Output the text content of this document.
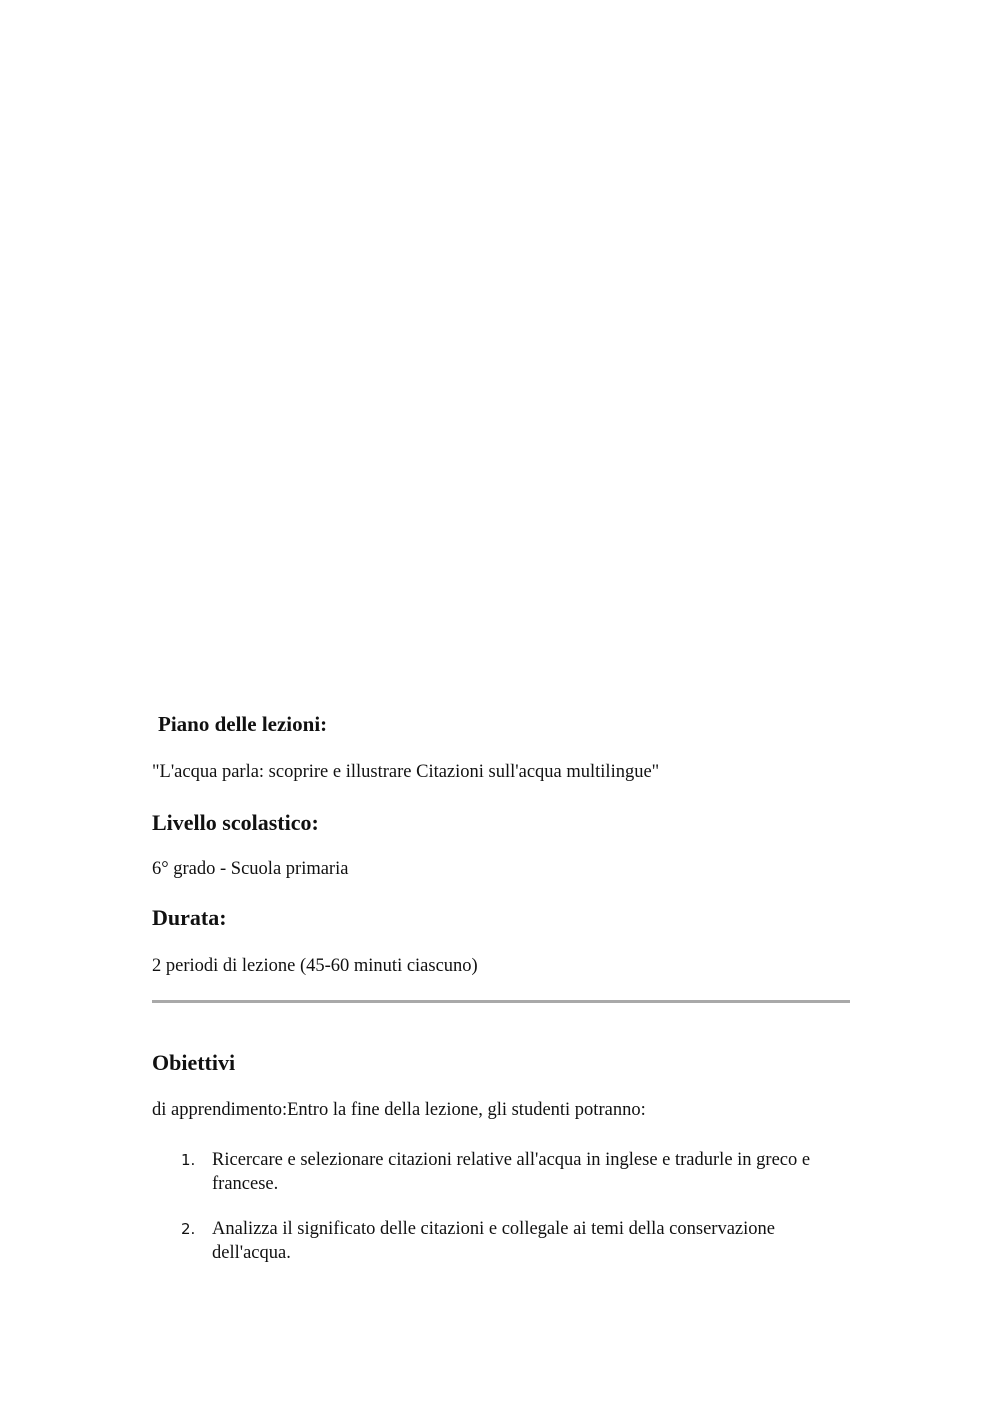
Piano delle lezioni:

"L'acqua parla: scoprire e illustrare Citazioni sull'acqua multilingue"

Livello scolastico:

6° grado - Scuola primaria

Durata:

2 periodi di lezione (45-60 minuti ciascuno)

Obiettivi

di apprendimento:Entro la fine della lezione, gli studenti potranno:

1. Ricercare e selezionare citazioni relative all'acqua in inglese e tradurle in greco e francese.
2. Analizza il significato delle citazioni e collegale ai temi della conservazione dell'acqua.
